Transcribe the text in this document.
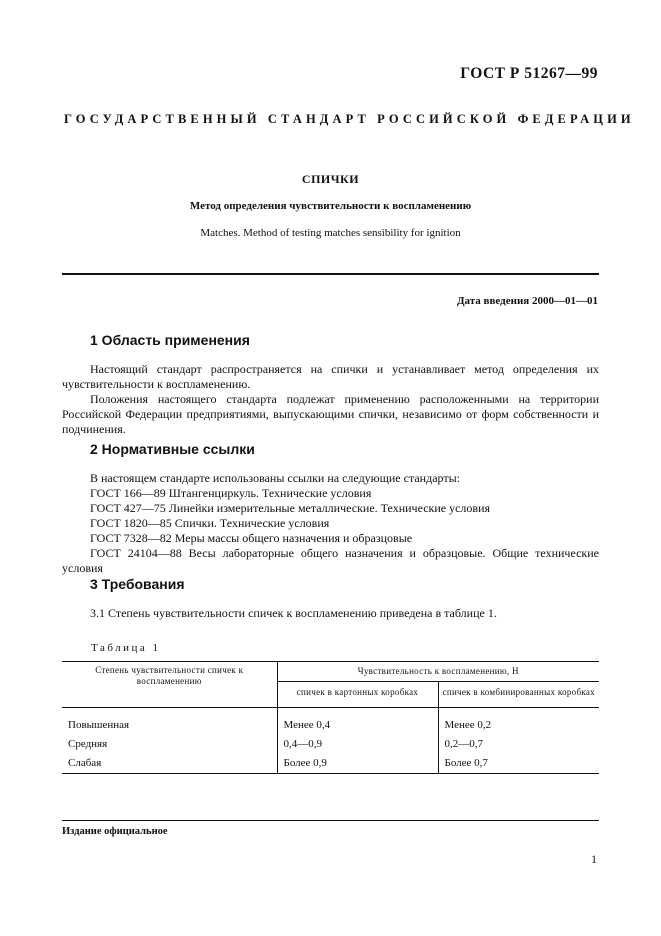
ГОСТ Р 51267—99
ГОСУДАРСТВЕННЫЙ СТАНДАРТ РОССИЙСКОЙ ФЕДЕРАЦИИ
СПИЧКИ
Метод определения чувствительности к воспламенению
Matches. Method of testing matches sensibility for ignition
Дата введения 2000—01—01
1 Область применения

Настоящий стандарт распространяется на спички и устанавливает метод определения их чувствительности к воспламенению.

Положения настоящего стандарта подлежат применению расположенными на территории Российской Федерации предприятиями, выпускающими спички, независимо от форм собственности и подчинения.

2 Нормативные ссылки
В настоящем стандарте использованы ссылки на следующие стандарты:
ГОСТ 166—89 Штангенциркуль. Технические условия
ГОСТ 427—75 Линейки измерительные металлические. Технические условия
ГОСТ 1820—85 Спички. Технические условия
ГОСТ 7328—82 Меры массы общего назначения и образцовые
ГОСТ 24104—88 Весы лабораторные общего назначения и образцовые. Общие технические условия
3 Требования

3.1 Степень чувствительности спичек к воспламенению приведена в таблице 1.

Таблица 1
Степень чувствительности спичек к воспламенению	Чувствительность к воспламенению, Н	
	спичек в картонных коробках	спичек в комбинированных коробках

Повышенная	Менее 0,4	Менее 0,2
Средняя	0,4—0,9	0,2—0,7
Слабая	Более 0,9	Более 0,7
Издание официальное
1
